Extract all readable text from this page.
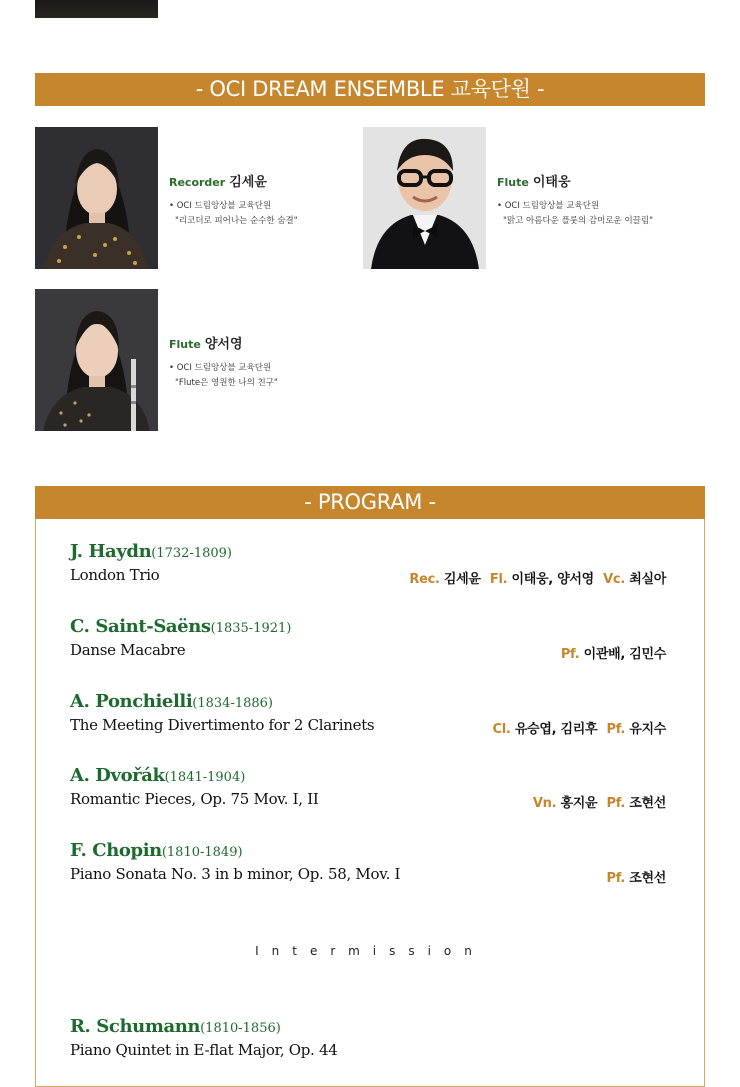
- OCI DREAM ENSEMBLE 교육단원 -
Recorder 김세윤
• OCI 드림앙상블 교육단원
"리코더로 피어나는 순수한 숨결"
Flute 이태웅
• OCI 드림앙상블 교육단원
"맑고 아름다운 플룻의 감미로운 이끌림"
Flute 양서영
• OCI 드림앙상블 교육단원
"Flute은 영원한 나의 친구"
- PROGRAM -
J. Haydn(1732-1809)
London Trio	Rec. 김세윤 Fl. 이태웅, 양서영 Vc. 최실아
C. Saint-Saëns(1835-1921)
Danse Macabre	Pf. 이관배, 김민수
A. Ponchielli(1834-1886)
The Meeting Divertimento for 2 Clarinets	Cl. 유승엽, 김리후 Pf. 유지수
A. Dvořák(1841-1904)
Romantic Pieces, Op. 75 Mov. I, II	Vn. 홍지윤 Pf. 조현선
F. Chopin(1810-1849)
Piano Sonata No. 3 in b minor, Op. 58, Mov. I	Pf. 조현선
Intermission
R. Schumann(1810-1856)
Piano Quintet in E-flat Major, Op. 44
